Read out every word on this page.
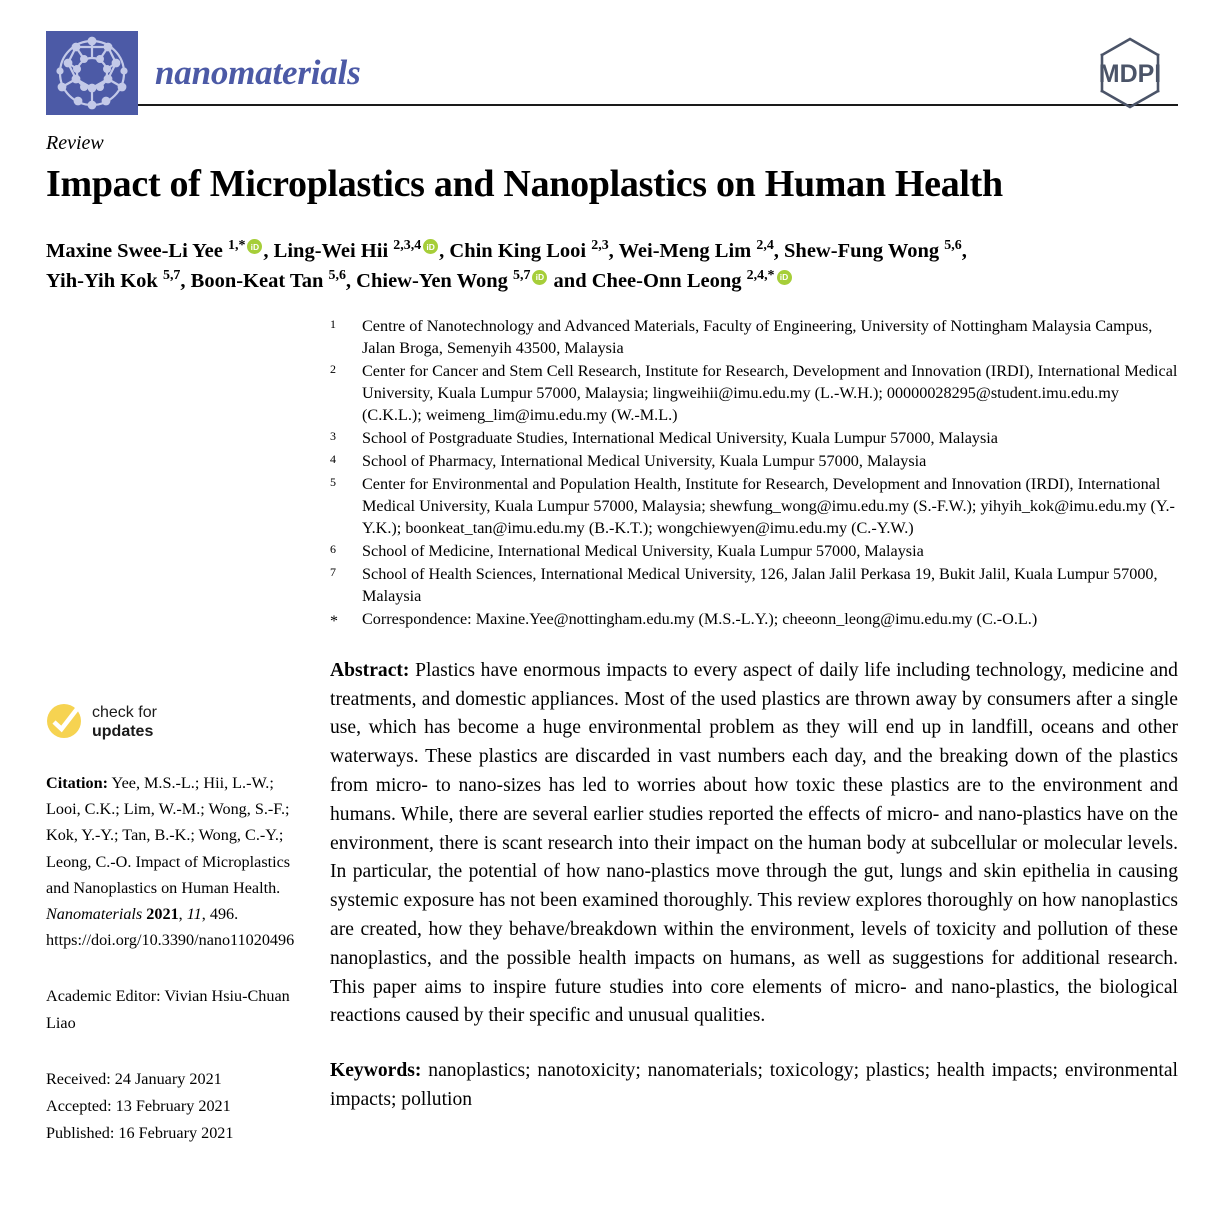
nanomaterials	MDPI
Review
Impact of Microplastics and Nanoplastics on Human Health
Maxine Swee-Li Yee $^{1,*}$ iD , Ling-Wei Hii $^{2,3,4}$ iD , Chin King Looi $^{2,3}$, Wei-Meng Lim $^{2,4}$, Shew-Fung Wong $^{5,6}$,
Yih-Yih Kok $^{5,7}$, Boon-Keat Tan $^{5,6}$, Chiew-Yen Wong $^{5,7}$iD and Chee-Onn Leong $^{2,4,*}$iD
1	Centre of Nanotechnology and Advanced Materials, Faculty of Engineering, University of Nottingham Malaysia Campus, Jalan Broga, Semenyih 43500, Malaysia
2	Center for Cancer and Stem Cell Research, Institute for Research, Development and Innovation (IRDI), International Medical University, Kuala Lumpur 57000, Malaysia; lingweihii@imu.edu.my (L.-W.H.); 00000028295@student.imu.edu.my (C.K.L.); weimeng_lim@imu.edu.my (W.-M.L.)
3	School of Postgraduate Studies, International Medical University, Kuala Lumpur 57000, Malaysia
4	School of Pharmacy, International Medical University, Kuala Lumpur 57000, Malaysia
5	Center for Environmental and Population Health, Institute for Research, Development and Innovation (IRDI), International Medical University, Kuala Lumpur 57000, Malaysia; shewfung_wong@imu.edu.my (S.-F.W.); yihyih_kok@imu.edu.my (Y.-Y.K.); boonkeat_tan@imu.edu.my (B.-K.T.); wongchiewyen@imu.edu.my (C.-Y.W.)
6	School of Medicine, International Medical University, Kuala Lumpur 57000, Malaysia
7	School of Health Sciences, International Medical University, 126, Jalan Jalil Perkasa 19, Bukit Jalil, Kuala Lumpur 57000, Malaysia
*	Correspondence: Maxine.Yee@nottingham.edu.my (M.S.-L.Y.); cheeonn_leong@imu.edu.my (C.-O.L.)
check for
updates
Citation: Yee, M.S.-L.; Hii, L.-W.; Looi, C.K.; Lim, W.-M.; Wong, S.-F.; Kok, Y.-Y.; Tan, B.-K.; Wong, C.-Y.; Leong, C.-O. Impact of Microplastics and Nanoplastics on Human Health. Nanomaterials 2021, 11, 496. https://doi.org/10.3390/nano11020496
Academic Editor: Vivian Hsiu-Chuan Liao
Received: 24 January 2021
Accepted: 13 February 2021
Published: 16 February 2021
Abstract: Plastics have enormous impacts to every aspect of daily life including technology, medicine and treatments, and domestic appliances. Most of the used plastics are thrown away by consumers after a single use, which has become a huge environmental problem as they will end up in landfill, oceans and other waterways. These plastics are discarded in vast numbers each day, and the breaking down of the plastics from micro- to nano-sizes has led to worries about how toxic these plastics are to the environment and humans. While, there are several earlier studies reported the effects of micro- and nano-plastics have on the environment, there is scant research into their impact on the human body at subcellular or molecular levels. In particular, the potential of how nano-plastics move through the gut, lungs and skin epithelia in causing systemic exposure has not been examined thoroughly. This review explores thoroughly on how nanoplastics are created, how they behave/breakdown within the environment, levels of toxicity and pollution of these nanoplastics, and the possible health impacts on humans, as well as suggestions for additional research. This paper aims to inspire future studies into core elements of micro- and nano-plastics, the biological reactions caused by their specific and unusual qualities.
Keywords: nanoplastics; nanotoxicity; nanomaterials; toxicology; plastics; health impacts; environmental impacts; pollution
